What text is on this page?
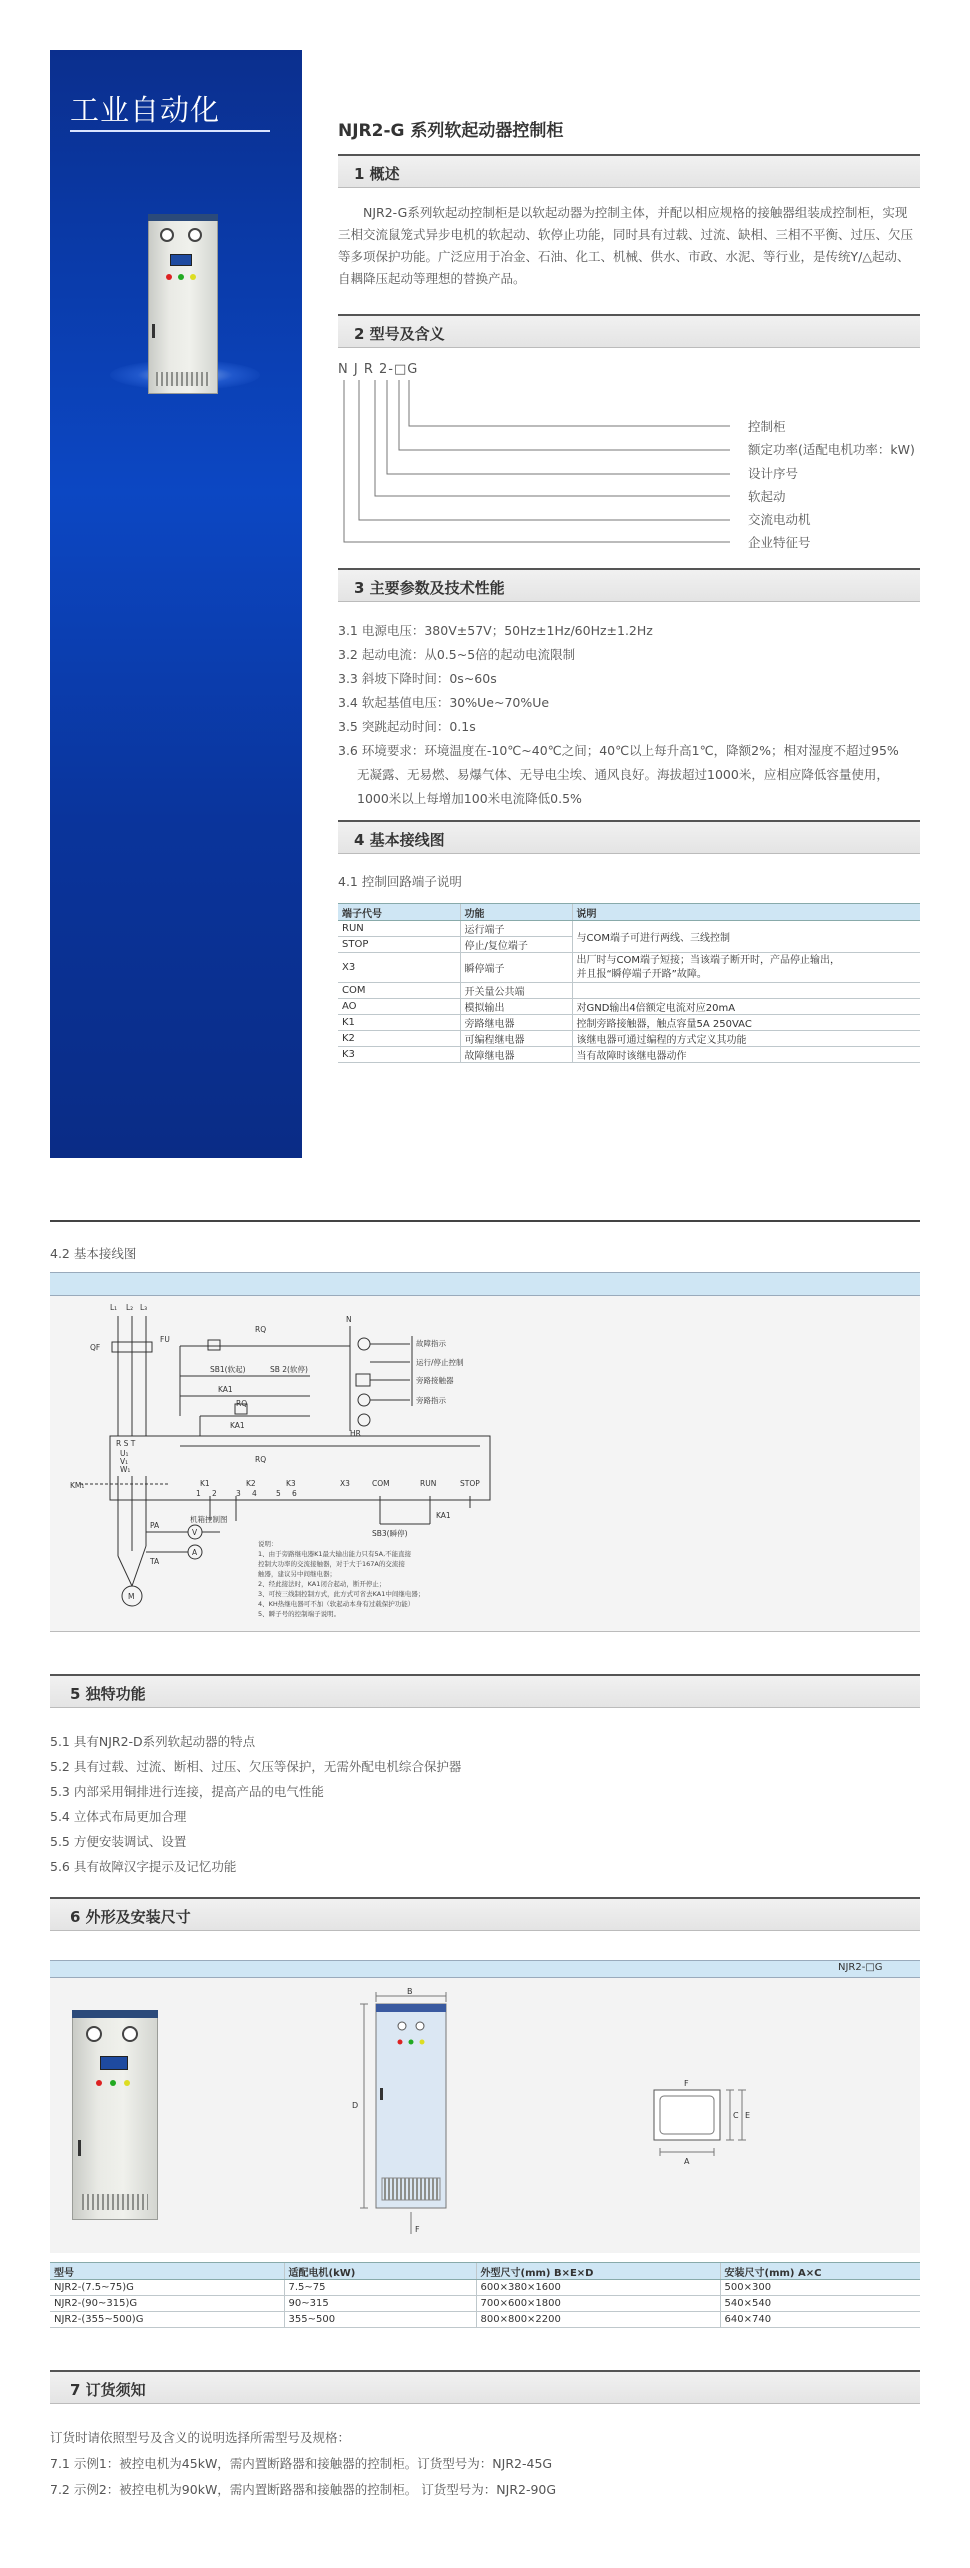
工业自动化
NJR2-G 系列软起动器控制柜
1 概述
NJR2-G系列软起动控制柜是以软起动器为控制主体，并配以相应规格的接触器组装成控制柜，实现三相交流鼠笼式异步电机的软起动、软停止功能，同时具有过载、过流、缺相、三相不平衡、过压、欠压等多项保护功能。广泛应用于冶金、石油、化工、机械、供水、市政、水泥、等行业，是传统Y/△起动、自耦降压起动等理想的替换产品。
2 型号及含义
N J R 2-□G
控制柜
额定功率(适配电机功率：kW)
设计序号
软起动
交流电动机
企业特征号
3 主要参数及技术性能
3.1 电源电压：380V±57V；50Hz±1Hz/60Hz±1.2Hz
3.2 起动电流：从0.5~5倍的起动电流限制
3.3 斜坡下降时间：0s~60s
3.4 软起基值电压：30%Ue~70%Ue
3.5 突跳起动时间：0.1s
3.6 环境要求：环境温度在-10℃~40℃之间；40℃以上每升高1℃，降额2%；相对湿度不超过95%
无凝露、无易燃、易爆气体、无导电尘埃、通风良好。海拔超过1000米，应相应降低容量使用，
1000米以上每增加100米电流降低0.5%
4 基本接线图
4.1 控制回路端子说明
端子代号	功能	说明
RUN	运行端子	与COM端子可进行两线、三线控制
STOP	停止/复位端子	
X3	瞬停端子	出厂时与COM端子短接；当该端子断开时，产品停止输出，
并且报“瞬停端子开路”故障。

COM	开关量公共端	
AO	模拟输出	对GND输出4倍额定电流对应20mA
K1	旁路继电器	控制旁路接触器，触点容量5A 250VAC
K2	可编程继电器	该继电器可通过编程的方式定义其功能
K3	故障继电器	当有故障时该继电器动作
4.2 基本接线图
L₁ L₂ L₃
N
QF
FU
RQ
SB1(软起)	SB 2(软停)
KA1
RQ
KA1
HR
故障指示
运行/停止控制
旁路接触器
旁路指示
R S T
U₁
V₁
W₁
KM₁
RQ
K1	K2	K3
1 2	3 4	5 6
X3	COM	RUN	STOP
SB3(瞬停)
KA1
M
机箱控制图
PA
TA
V
A
说明：
1、由于旁路继电器K1最大输出能力只有5A,不能直接
控制大功率的交流接触器，对于大于167A的交流接
触器，建议另中间继电器；
2、经此接法时，KA1闭合起动，断开停止；
3、可按三线制控制方式，此方式可省去KA1中间继电器；
4、KH热继电器可不加（软起动本身有过载保护功能）
5、瞬子号的控制端子说明。
5 独特功能
5.1 具有NJR2-D系列软起动器的特点
5.2 具有过载、过流、断相、过压、欠压等保护，无需外配电机综合保护器
5.3 内部采用铜排进行连接，提高产品的电气性能
5.4 立体式布局更加合理
5.5 方便安装调试、设置
5.6 具有故障汉字提示及记忆功能
6 外形及安装尺寸
NJR2-□G
B
D
F
F
C E
A
型号	适配电机(kW)	外型尺寸(mm) B×E×D	安装尺寸(mm) A×C
NJR2-(7.5~75)G	7.5~75	600×380×1600	500×300
NJR2-(90~315)G	90~315	700×600×1800	540×540
NJR2-(355~500)G	355~500	800×800×2200	640×740
7 订货须知
订货时请依照型号及含义的说明选择所需型号及规格：
7.1 示例1：被控电机为45kW，需内置断路器和接触器的控制柜。订货型号为：NJR2-45G
7.2 示例2：被控电机为90kW，需内置断路器和接触器的控制柜。 订货型号为：NJR2-90G
